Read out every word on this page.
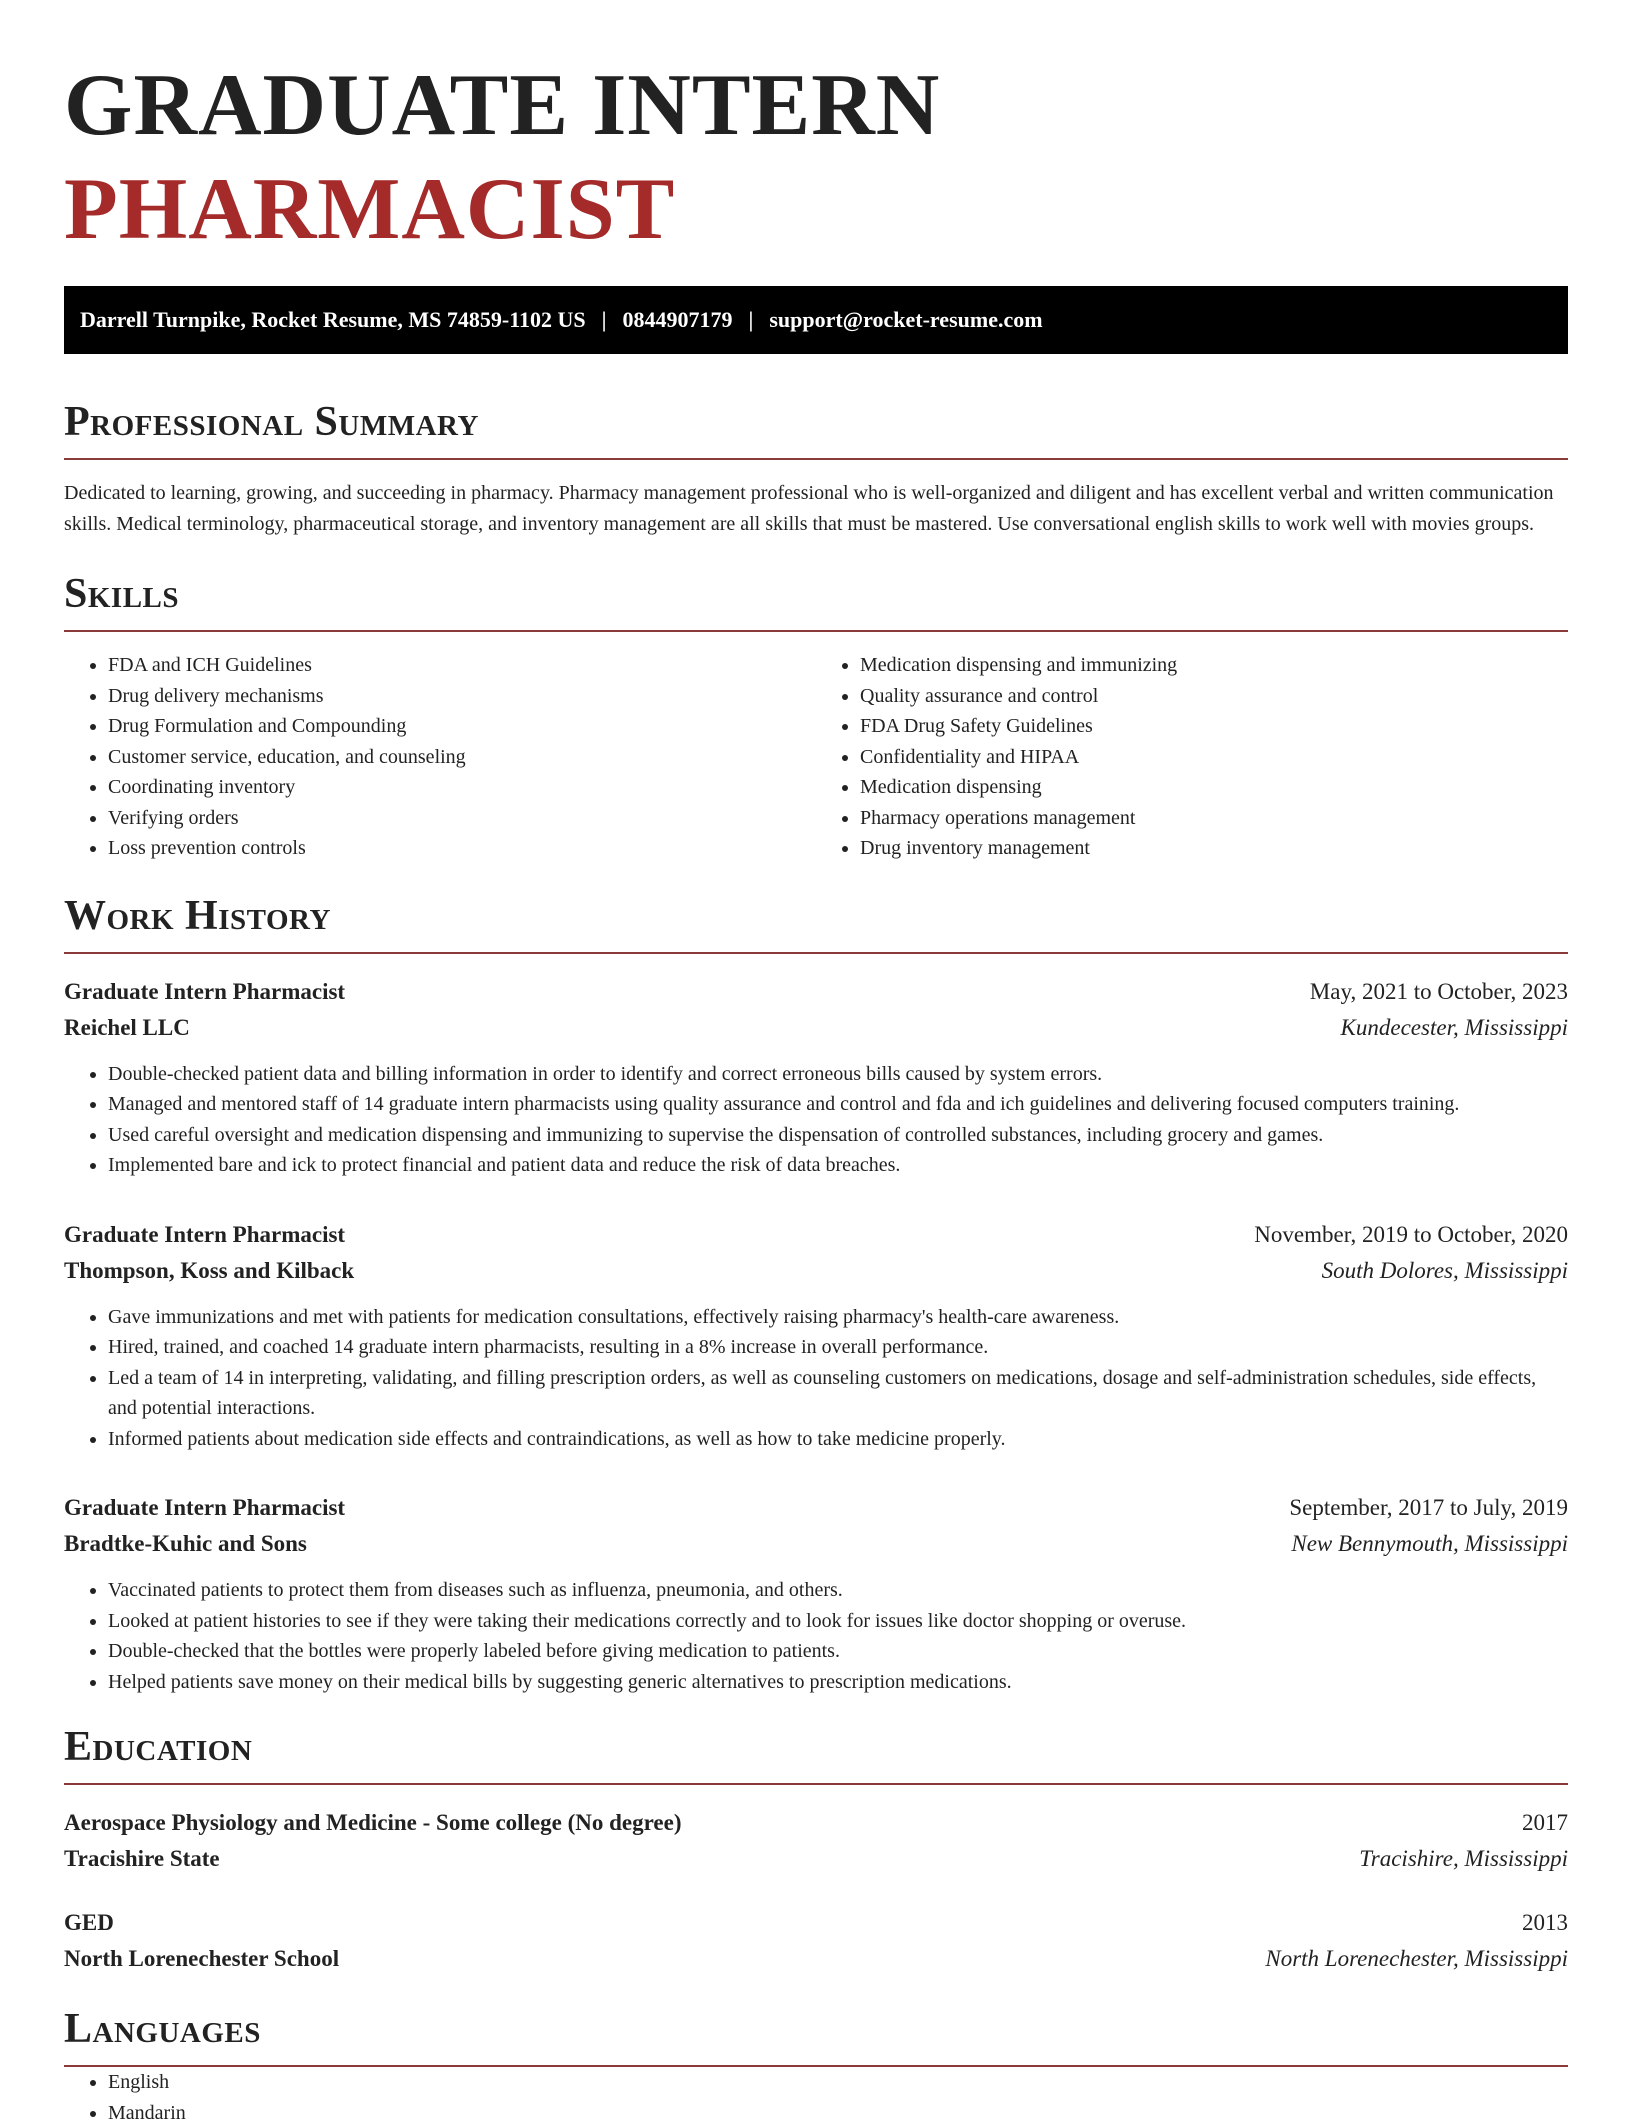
GRADUATE INTERN PHARMACIST
Darrell Turnpike, Rocket Resume, MS 74859-1102 US | 0844907179 | support@rocket-resume.com
Professional Summary

Dedicated to learning, growing, and succeeding in pharmacy. Pharmacy management professional who is well-organized and diligent and has excellent verbal and written communication skills. Medical terminology, pharmaceutical storage, and inventory management are all skills that must be mastered. Use conversational english skills to work well with movies groups.

Skills
• FDA and ICH Guidelines
• Drug delivery mechanisms
• Drug Formulation and Compounding
• Customer service, education, and counseling
• Coordinating inventory
• Verifying orders
• Loss prevention controls
• Medication dispensing and immunizing
• Quality assurance and control
• FDA Drug Safety Guidelines
• Confidentiality and HIPAA
• Medication dispensing
• Pharmacy operations management
• Drug inventory management
Work History
Graduate Intern Pharmacist	May, 2021 to October, 2023
Reichel LLC	Kundecester, Mississippi
• Double-checked patient data and billing information in order to identify and correct erroneous bills caused by system errors.
• Managed and mentored staff of 14 graduate intern pharmacists using quality assurance and control and fda and ich guidelines and delivering focused computers training.
• Used careful oversight and medication dispensing and immunizing to supervise the dispensation of controlled substances, including grocery and games.
• Implemented bare and ick to protect financial and patient data and reduce the risk of data breaches.
Graduate Intern Pharmacist	November, 2019 to October, 2020
Thompson, Koss and Kilback	South Dolores, Mississippi
• Gave immunizations and met with patients for medication consultations, effectively raising pharmacy's health-care awareness.
• Hired, trained, and coached 14 graduate intern pharmacists, resulting in a 8% increase in overall performance.
• Led a team of 14 in interpreting, validating, and filling prescription orders, as well as counseling customers on medications, dosage and self-administration schedules, side effects, and potential interactions.
• Informed patients about medication side effects and contraindications, as well as how to take medicine properly.
Graduate Intern Pharmacist	September, 2017 to July, 2019
Bradtke-Kuhic and Sons	New Bennymouth, Mississippi
• Vaccinated patients to protect them from diseases such as influenza, pneumonia, and others.
• Looked at patient histories to see if they were taking their medications correctly and to look for issues like doctor shopping or overuse.
• Double-checked that the bottles were properly labeled before giving medication to patients.
• Helped patients save money on their medical bills by suggesting generic alternatives to prescription medications.
Education
Aerospace Physiology and Medicine - Some college (No degree)	2017
Tracishire State	Tracishire, Mississippi
GED	2013
North Lorenechester School	North Lorenechester, Mississippi
Languages
• English
• Mandarin
